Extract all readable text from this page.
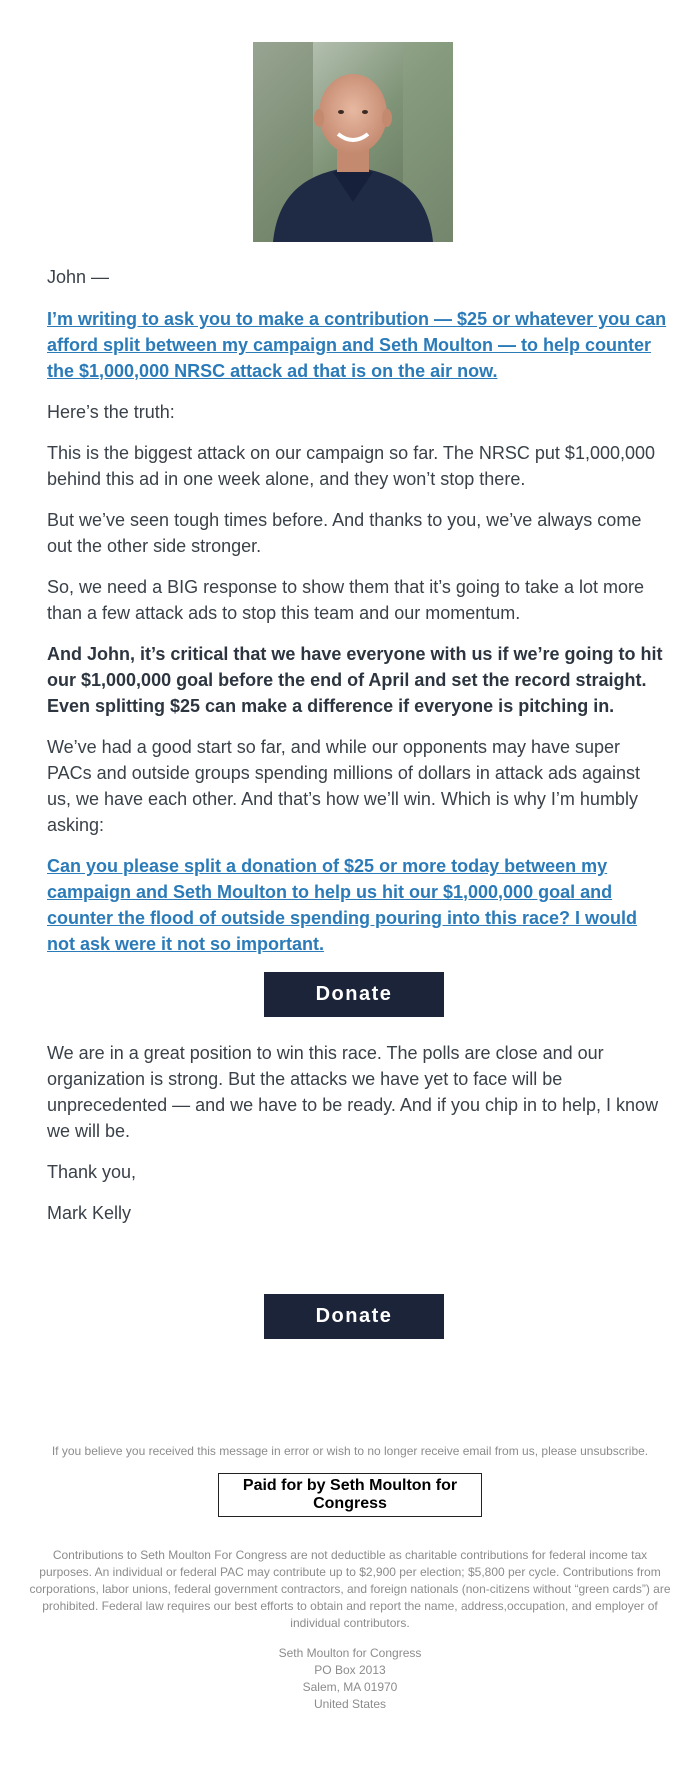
John —

I’m writing to ask you to make a contribution — $25 or whatever you can afford split between my campaign and Seth Moulton — to help counter the $1,000,000 NRSC attack ad that is on the air now.

Here’s the truth:

This is the biggest attack on our campaign so far. The NRSC put $1,000,000 behind this ad in one week alone, and they won’t stop there.

But we’ve seen tough times before. And thanks to you, we’ve always come out the other side stronger.

So, we need a BIG response to show them that it’s going to take a lot more than a few attack ads to stop this team and our momentum.

And John, it’s critical that we have everyone with us if we’re going to hit our $1,000,000 goal before the end of April and set the record straight. Even splitting $25 can make a difference if everyone is pitching in.

We’ve had a good start so far, and while our opponents may have super PACs and outside groups spending millions of dollars in attack ads against us, we have each other. And that’s how we’ll win. Which is why I’m humbly asking:

Can you please split a donation of $25 or more today between my campaign and Seth Moulton to help us hit our $1,000,000 goal and counter the flood of outside spending pouring into this race? I would not ask were it not so important.

Donate

We are in a great position to win this race. The polls are close and our organization is strong. But the attacks we have yet to face will be unprecedented — and we have to be ready. And if you chip in to help, I know we will be.

Thank you,

Mark Kelly

Donate

If you believe you received this message in error or wish to no longer receive email from us, please unsubscribe.

Paid for by Seth Moulton for Congress
Contributions to Seth Moulton For Congress are not deductible as charitable contributions for federal income tax purposes. An individual or federal PAC may contribute up to $2,900 per election; $5,800 per cycle. Contributions from corporations, labor unions, federal government contractors, and foreign nationals (non-citizens without “green cards”) are prohibited. Federal law requires our best efforts to obtain and report the name, address,occupation, and employer of individual contributors.
Seth Moulton for Congress
PO Box 2013
Salem, MA 01970
United States
